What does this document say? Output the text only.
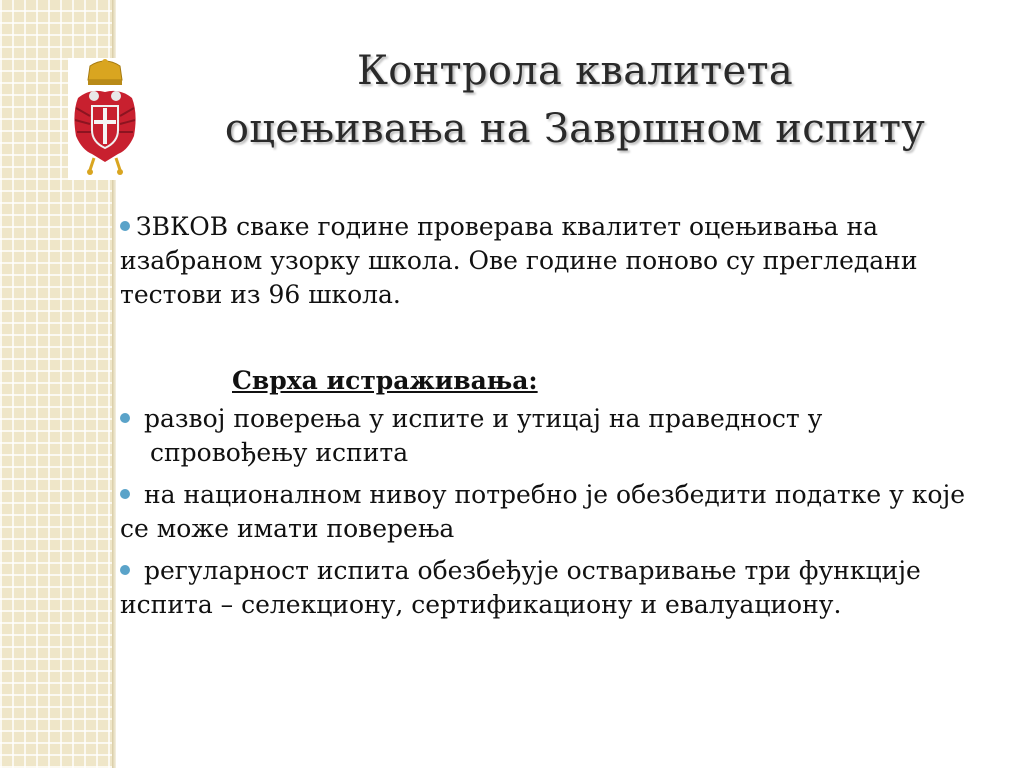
Контрола квалитета
оцењивања на Завршном испиту

ЗВКОВ сваке године проверава квалитет оцењивања на изабраном узорку школа. Ове године поново су прегледани тестови из 96 школа.

Сврха истраживања:

развој поверења у испите и утицај на праведност у спровођењу испита

на националном нивоу потребно је обезбедити податке у које се може имати поверења

регуларност испита обезбеђује остваривање три функције испита – селекциону, сертификациону и евалуациону.
